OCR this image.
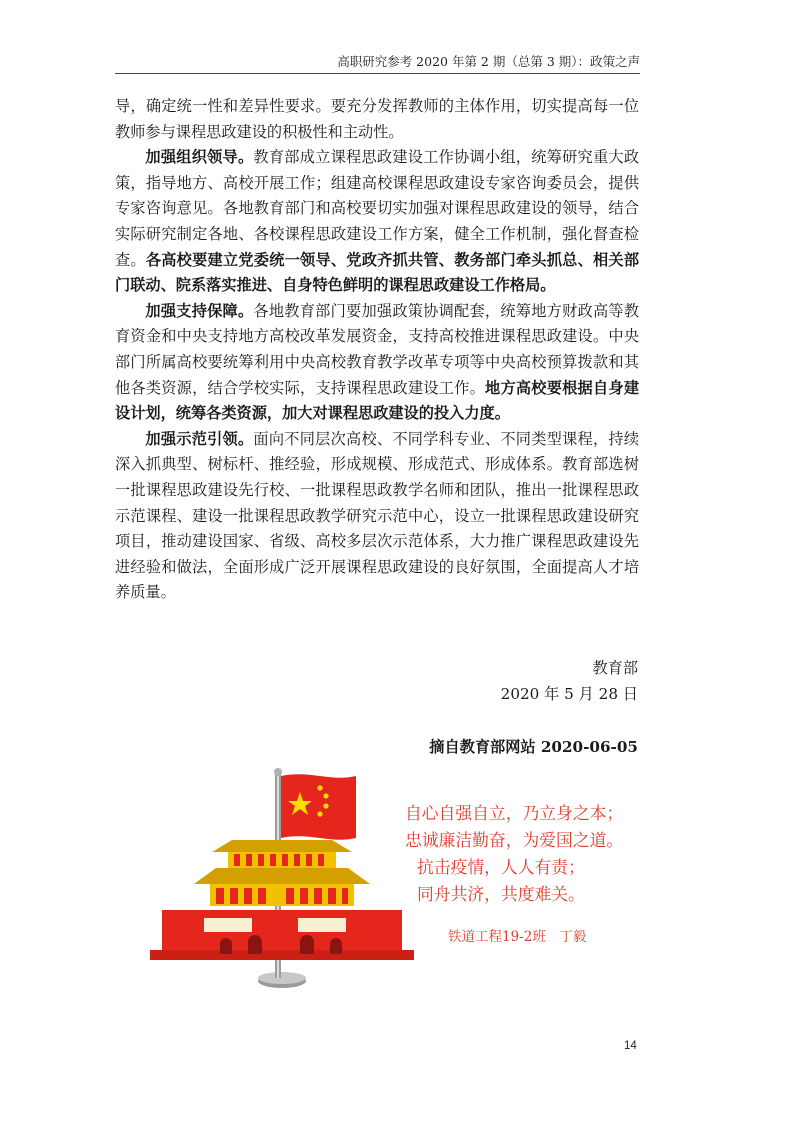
高职研究参考 2020 年第 2 期（总第 3 期）：政策之声

导，确定统一性和差异性要求。要充分发挥教师的主体作用，切实提高每一位教师参与课程思政建设的积极性和主动性。

加强组织领导。教育部成立课程思政建设工作协调小组，统筹研究重大政策，指导地方、高校开展工作；组建高校课程思政建设专家咨询委员会，提供专家咨询意见。各地教育部门和高校要切实加强对课程思政建设的领导，结合实际研究制定各地、各校课程思政建设工作方案，健全工作机制，强化督查检查。各高校要建立党委统一领导、党政齐抓共管、教务部门牵头抓总、相关部门联动、院系落实推进、自身特色鲜明的课程思政建设工作格局。

加强支持保障。各地教育部门要加强政策协调配套，统筹地方财政高等教育资金和中央支持地方高校改革发展资金，支持高校推进课程思政建设。中央部门所属高校要统筹利用中央高校教育教学改革专项等中央高校预算拨款和其他各类资源，结合学校实际，支持课程思政建设工作。地方高校要根据自身建设计划，统筹各类资源，加大对课程思政建设的投入力度。

加强示范引领。面向不同层次高校、不同学科专业、不同类型课程，持续深入抓典型、树标杆、推经验，形成规模、形成范式、形成体系。教育部选树一批课程思政建设先行校、一批课程思政教学名师和团队，推出一批课程思政示范课程、建设一批课程思政教学研究示范中心，设立一批课程思政建设研究项目，推动建设国家、省级、高校多层次示范体系，大力推广课程思政建设先进经验和做法，全面形成广泛开展课程思政建设的良好氛围，全面提高人才培养质量。

教育部
2020 年 5 月 28 日
摘自教育部网站 2020-06-05
自心自强自立，乃立身之本；
忠诚廉洁勤奋，为爱国之道。
抗击疫情，人人有责；
同舟共济，共度难关。
铁道工程19-2班　丁毅
14
